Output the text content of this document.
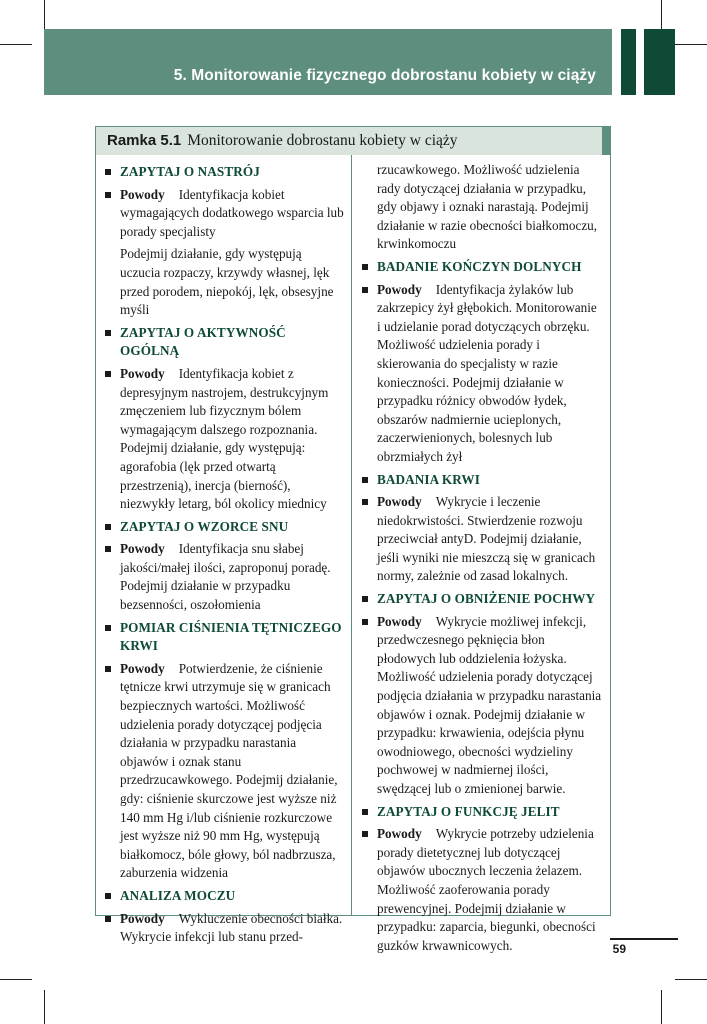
5. Monitorowanie fizycznego dobrostanu kobiety w ciąży
Ramka 5.1 Monitorowanie dobrostanu kobiety w ciąży
ZAPYTAJ O NASTRÓJ
Powody Identyfikacja kobiet wymagających dodatkowego wsparcia lub porady specjalisty
Podejmij działanie, gdy występują uczucia rozpaczy, krzywdy własnej, lęk przed porodem, niepokój, lęk, obsesyjne myśli
ZAPYTAJ O AKTYWNOŚĆ OGÓLNĄ
Powody Identyfikacja kobiet z depresyjnym nastrojem, destrukcyjnym zmęczeniem lub fizycznym bólem wymagającym dalszego rozpoznania. Podejmij działanie, gdy występują: agorafobia (lęk przed otwartą przestrzenią), inercja (bierność), niezwykły letarg, ból okolicy miednicy
ZAPYTAJ O WZORCE SNU
Powody Identyfikacja snu słabej jakości/małej ilości, zaproponuj poradę. Podejmij działanie w przypadku bezsenności, oszołomienia
POMIAR CIŚNIENIA TĘTNICZEGO KRWI
Powody Potwierdzenie, że ciśnienie tętnicze krwi utrzymuje się w granicach bezpiecznych wartości. Możliwość udzielenia porady dotyczącej podjęcia działania w przypadku narastania objawów i oznak stanu przedrzucawkowego. Podejmij działanie, gdy: ciśnienie skurczowe jest wyższe niż 140 mm Hg i/lub ciśnienie rozkurczowe jest wyższe niż 90 mm Hg, występują białkomocz, bóle głowy, ból nadbrzusza, zaburzenia widzenia
ANALIZA MOCZU
Powody Wykluczenie obecności białka. Wykrycie infekcji lub stanu przed-
rzucawkowego. Możliwość udzielenia rady dotyczącej działania w przypadku, gdy objawy i oznaki narastają. Podejmij działanie w razie obecności białkomoczu, krwinkomoczu
BADANIE KOŃCZYN DOLNYCH
Powody Identyfikacja żylaków lub zakrzepicy żył głębokich. Monitorowanie i udzielanie porad dotyczących obrzęku. Możliwość udzielenia porady i skierowania do specjalisty w razie konieczności. Podejmij działanie w przypadku różnicy obwodów łydek, obszarów nadmiernie ucieplonych, zaczerwienionych, bolesnych lub obrzmiałych żył
BADANIA KRWI
Powody Wykrycie i leczenie niedokrwistości. Stwierdzenie rozwoju przeciwciał antyD. Podejmij działanie, jeśli wyniki nie mieszczą się w granicach normy, zależnie od zasad lokalnych.
ZAPYTAJ O OBNIŻENIE POCHWY
Powody Wykrycie możliwej infekcji, przedwczesnego pęknięcia błon płodowych lub oddzielenia łożyska. Możliwość udzielenia porady dotyczącej podjęcia działania w przypadku narastania objawów i oznak. Podejmij działanie w przypadku: krwawienia, odejścia płynu owodniowego, obecności wydzieliny pochwowej w nadmiernej ilości, swędzącej lub o zmienionej barwie.
ZAPYTAJ O FUNKCJĘ JELIT
Powody Wykrycie potrzeby udzielenia porady dietetycznej lub dotyczącej objawów ubocznych leczenia żelazem. Możliwość zaoferowania porady prewencyjnej. Podejmij działanie w przypadku: zaparcia, biegunki, obecności guzków krwawnicowych.	59
